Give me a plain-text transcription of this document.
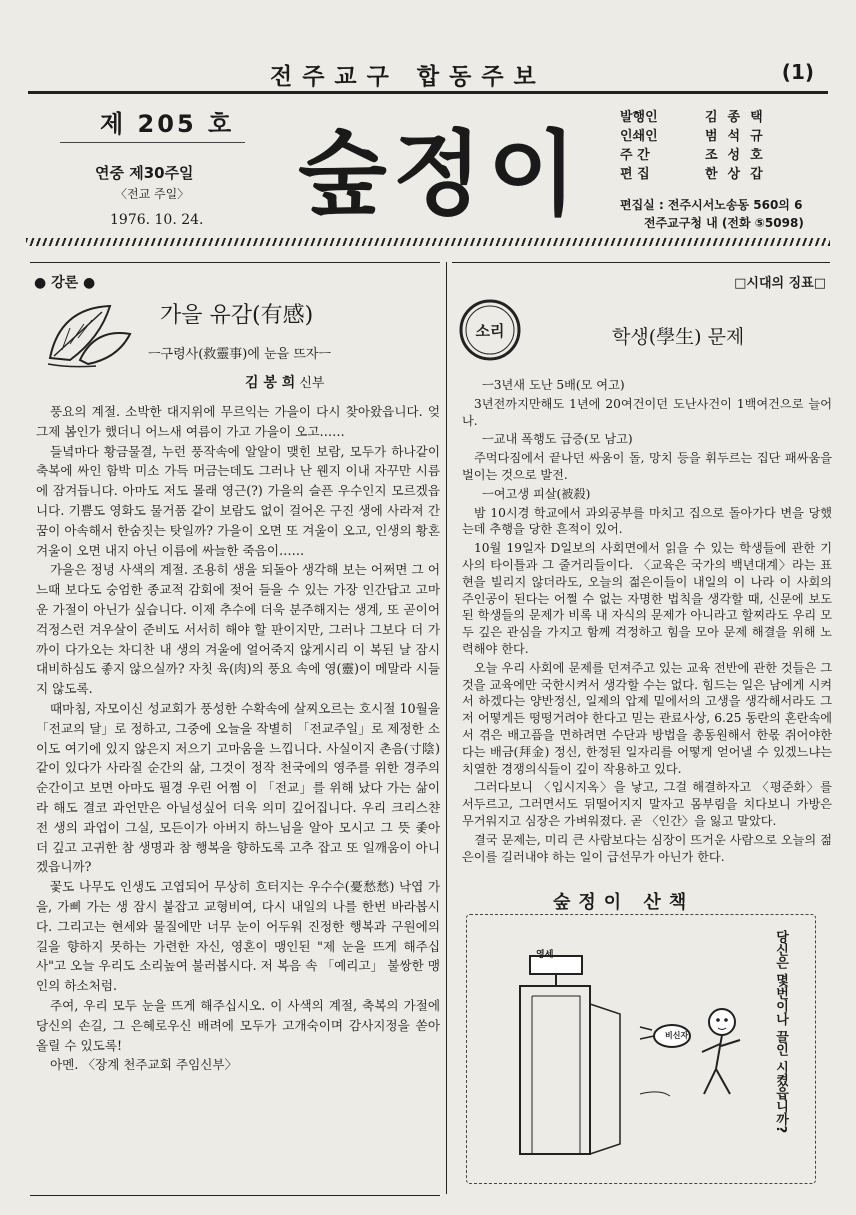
전주교구 합동주보	(1)
제 205 호
연중 제30주일
〈전교 주일〉
1976. 10. 24. 숲정이
발행인	김종택
인쇄인	범석규
주 간	조성호
편 집	한상갑
편집실 : 전주시서노송동 560의 6
전주교구청 내 (전화 ⑤5098)
● 강론 ●
가을 유감(有感)
ㅡ구령사(救靈事)에 눈을 뜨자ㅡ
김 봉 희 신부

풍요의 계절. 소박한 대지위에 무르익는 가을이 다시 찾아왔읍니다. 엊그제 봄인가 했더니 어느새 여름이 가고 가을이 오고……

들녘마다 황금물결, 누런 풍작속에 알알이 맺힌 보람, 모두가 하나같이 축복에 싸인 함박 미소 가득 머금는데도 그러나 난 웬지 이내 자꾸만 시름에 잠겨듭니다. 아마도 저도 몰래 영근(?) 가을의 슬픈 우수인지 모르겠읍니다. 기쁨도 영화도 물거품 같이 보람도 없이 걸어온 구진 생에 사라져 간 꿈이 아속해서 한숨짓는 탓일까? 가을이 오면 또 겨울이 오고, 인생의 황혼 겨울이 오면 내지 아닌 이름에 싸늘한 죽음이……

가을은 정녕 사색의 계절. 조용히 생을 되돌아 생각해 보는 어쩌면 그 어느때 보다도 숭엄한 종교적 감회에 젖어 들을 수 있는 가장 인간답고 고마운 가절이 아닌가 싶습니다. 이제 추수에 더욱 분주해지는 생계, 또 곧이어 걱정스런 겨우살이 준비도 서서히 해야 할 판이지만, 그러나 그보다 더 가까이 다가오는 차디찬 내 생의 겨울에 얼어죽지 않게시리 이 복된 날 잠시 대비하심도 좋지 않으실까? 자칫 육(肉)의 풍요 속에 영(靈)이 메말라 시들지 않도록.

때마침, 자모이신 성교회가 풍성한 수확속에 살찌오르는 호시절 10월을 「전교의 달」로 정하고, 그중에 오늘을 작별히 「전교주일」로 제정한 소이도 여기에 있지 않은지 저으기 고마움을 느낍니다. 사실이지 촌음(寸陰)같이 있다가 사라질 순간의 삶, 그것이 정작 천국에의 영주를 위한 경주의 순간이고 보면 아마도 필경 우린 어쩜 이 「전교」를 위해 났다 가는 삶이라 해도 결코 과언만은 아닐성싶어 더욱 의미 깊어집니다. 우리 크리스챤 전 생의 과업이 그실, 모든이가 아버지 하느님을 알아 모시고 그 뜻 좇아 더 깊고 고귀한 참 생명과 참 행복을 향하도록 고추 잡고 또 일깨움이 아니겠읍니까?

꽃도 나무도 인생도 고엽되어 무상히 흐터지는 우수수(憂愁愁) 낙엽 가을, 가삐 가는 생 잠시 붙잡고 교형비여, 다시 내일의 나를 한번 바라봅시다. 그리고는 현세와 물질에만 너무 눈이 어두워 진정한 행복과 구원에의 길을 향하지 못하는 가련한 자신, 영혼이 맹인된 "제 눈을 뜨게 해주십사"고 오늘 우리도 소리높여 불러봅시다. 저 복음 속 「예리고」 불쌍한 맹인의 하소처럼.

주여, 우리 모두 눈을 뜨게 해주십시오. 이 사색의 계절, 축복의 가절에 당신의 손길, 그 은혜로우신 배려에 모두가 고개숙이며 감사지정을 쏟아 올릴 수 있도록!

아멘. 〈장계 천주교회 주임신부〉

□시대의 징표□
소리	학생(學生) 문제

ㅡ3년새 도난 5배(모 여고)

3년전까지만해도 1년에 20여건이던 도난사건이 1백여건으로 늘어나.

ㅡ교내 폭행도 급증(모 남고)

주먹다짐에서 끝나던 싸움이 돌, 망치 등을 휘두르는 집단 패싸움을 벌이는 것으로 발전.

ㅡ여고생 피살(被殺)

밤 10시경 학교에서 과외공부를 마치고 집으로 돌아가다 변을 당했는데 추행을 당한 흔적이 있어.

10월 19일자 D일보의 사회면에서 읽을 수 있는 학생들에 관한 기사의 타이틀과 그 줄거리들이다. 〈교육은 국가의 백년대계〉라는 표현을 빌리지 않더라도, 오늘의 젊은이들이 내일의 이 나라 이 사회의 주인공이 된다는 어쩔 수 없는 자명한 법칙을 생각할 때, 신문에 보도된 학생들의 문제가 비록 내 자식의 문제가 아니라고 할찌라도 우리 모두 깊은 관심을 가지고 함께 걱정하고 힘을 모아 문제 해결을 위해 노력해야 한다.

오늘 우리 사회에 문제를 던져주고 있는 교육 전반에 관한 것들은 그것을 교육에만 국한시켜서 생각할 수는 없다. 힘드는 일은 남에게 시켜서 하겠다는 양반정신, 일제의 압제 밑에서의 고생을 생각해서라도 그저 어떻게든 떵떵거려야 한다고 믿는 관료사상, 6.25 동란의 혼란속에서 겪은 배고픔을 면하려면 수단과 방법을 총동원해서 한몫 쥐어야한다는 배금(拜金) 정신, 한정된 일자리를 어떻게 얻어낼 수 있겠느냐는 치열한 경쟁의식들이 깊이 작용하고 있다.

그러다보니 〈입시지옥〉을 낳고, 그걸 해결하자고 〈평준화〉를 서두르고, 그러면서도 뒤떨어지지 말자고 몸부림을 치다보니 가방은 무거워지고 심장은 가벼워졌다. 곧 〈인간〉을 잃고 말았다.

결국 문제는, 미리 큰 사람보다는 심장이 뜨거운 사람으로 오늘의 젊은이를 길러내야 하는 일이 급선무가 아닌가 한다.

숲정이 산책
영세
비신자	당신은 몇번이나 끌인 시켰읍니까?
